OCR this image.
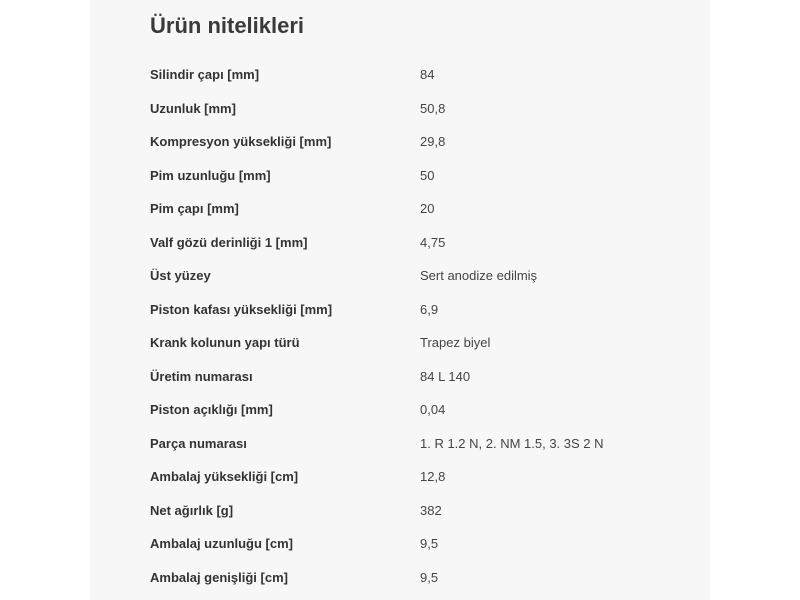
Ürün nitelikleri
Silindir çapı [mm]	84
Uzunluk [mm]	50,8
Kompresyon yüksekliği [mm]	29,8
Pim uzunluğu [mm]	50
Pim çapı [mm]	20
Valf gözü derinliği 1 [mm]	4,75
Üst yüzey	Sert anodize edilmiş
Piston kafası yüksekliği [mm]	6,9
Krank kolunun yapı türü	Trapez biyel
Üretim numarası	84 L 140
Piston açıklığı [mm]	0,04
Parça numarası	1. R 1.2 N, 2. NM 1.5, 3. 3S 2 N
Ambalaj yüksekliği [cm]	12,8
Net ağırlık [g]	382
Ambalaj uzunluğu [cm]	9,5
Ambalaj genişliği [cm]	9,5
